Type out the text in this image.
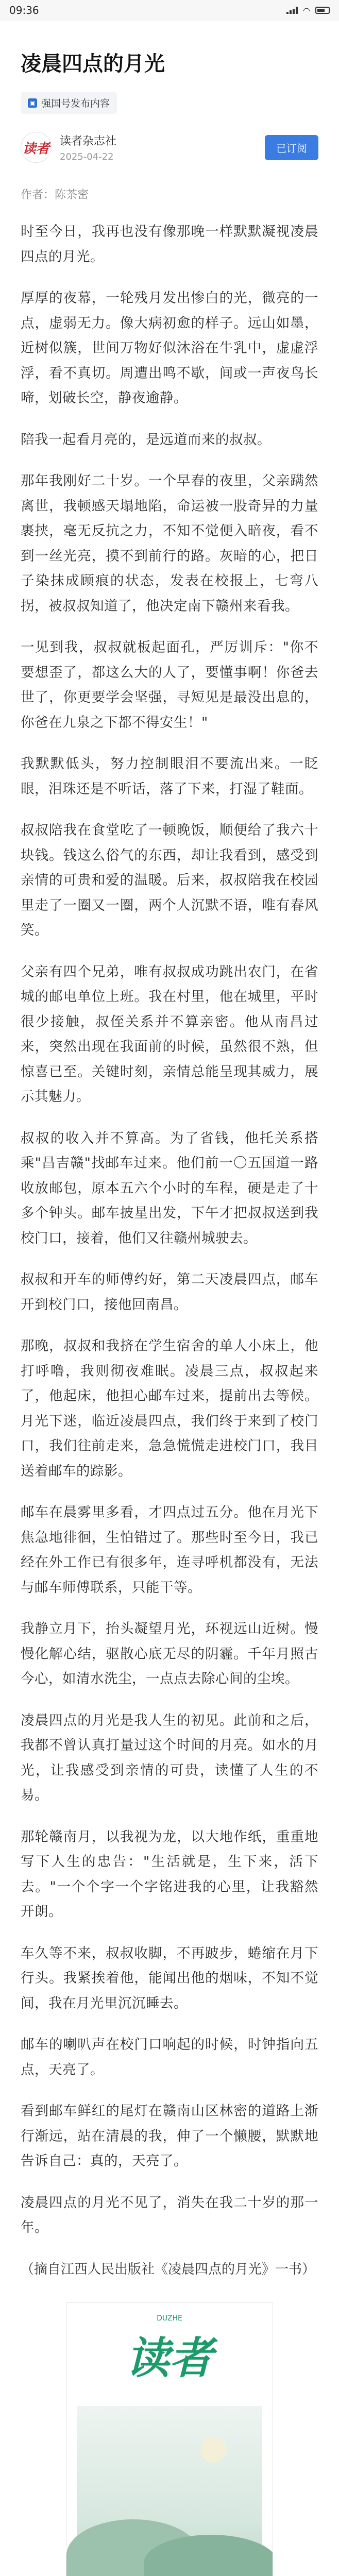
09:36	◠
凌晨四点的月光
▣ 强国号发布内容
读者 读者杂志社
2025-04-22
已订阅
作者：陈茶密

时至今日，我再也没有像那晚一样默默凝视凌晨四点的月光。

厚厚的夜幕，一轮残月发出惨白的光，微亮的一点，虚弱无力。像大病初愈的样子。远山如墨，近树似簇，世间万物好似沐浴在牛乳中，虚虚浮浮，看不真切。周遭出鸣不歇，间或一声夜鸟长啼，划破长空，静夜逾静。

陪我一起看月亮的，是远道而来的叔叔。

那年我刚好二十岁。一个早春的夜里，父亲蹒然离世，我顿感天塌地陷，命运被一股奇异的力量裹挟，毫无反抗之力，不知不觉便入暗夜，看不到一丝光亮，摸不到前行的路。灰暗的心，把日子染抹成顾痕的状态，发表在校报上，七弯八拐，被叔叔知道了，他决定南下赣州来看我。

一见到我，叔叔就板起面孔，严厉训斥："你不要想歪了，都这么大的人了，要懂事啊！你爸去世了，你更要学会坚强，寻短见是最没出息的，你爸在九泉之下都不得安生！"

我默默低头，努力控制眼泪不要流出来。一眨眼，泪珠还是不听话，落了下来，打湿了鞋面。

叔叔陪我在食堂吃了一顿晚饭，顺便给了我六十块钱。钱这么俗气的东西，却让我看到，感受到亲情的可贵和爱的温暖。后来，叔叔陪我在校园里走了一圈又一圈，两个人沉默不语，唯有春风笑。

父亲有四个兄弟，唯有叔叔成功跳出农门，在省城的邮电单位上班。我在村里，他在城里，平时很少接触，叔侄关系并不算亲密。他从南昌过来，突然出现在我面前的时候，虽然很不熟，但惊喜已至。关键时刻，亲情总能呈现其威力，展示其魅力。

叔叔的收入并不算高。为了省钱，他托关系搭乘"昌吉赣"找邮车过来。他们前一〇五国道一路收放邮包，原本五六个小时的车程，硬是走了十多个钟头。邮车披星出发，下午才把叔叔送到我校门口，接着，他们又往赣州城驶去。

叔叔和开车的师傅约好，第二天凌晨四点，邮车开到校门口，接他回南昌。

那晚，叔叔和我挤在学生宿舍的单人小床上，他打呼噜，我则彻夜难眠。凌晨三点，叔叔起来了，他起床，他担心邮车过来，提前出去等候。月光下迷，临近凌晨四点，我们终于来到了校门口，我们往前走来，急急慌慌走进校门口，我目送着邮车的踪影。

邮车在晨雾里多看，才四点过五分。他在月光下焦急地徘徊，生怕错过了。那些时至今日，我已经在外工作已有很多年，连寻呼机都没有，无法与邮车师傅联系，只能干等。

我静立月下，抬头凝望月光，环视远山近树。慢慢化解心结，驱散心底无尽的阴霾。千年月照古今心，如清水洗尘，一点点去除心间的尘埃。

凌晨四点的月光是我人生的初见。此前和之后，我都不曾认真打量过这个时间的月亮。如水的月光，让我感受到亲情的可贵，读懂了人生的不易。

那轮赣南月，以我视为龙，以大地作纸，重重地写下人生的忠告："生活就是，生下来，活下去。"一个个字一个字铭进我的心里，让我豁然开朗。

车久等不来，叔叔收脚，不再跛步，蜷缩在月下行头。我紧挨着他，能闻出他的烟味，不知不觉间，我在月光里沉沉睡去。

邮车的喇叭声在校门口响起的时候，时钟指向五点，天亮了。

看到邮车鲜红的尾灯在赣南山区林密的道路上渐行渐远，站在清晨的我，伸了一个懒腰，默默地告诉自己：真的，天亮了。

凌晨四点的月光不见了，消失在我二十岁的那一年。

（摘自江西人民出版社《凌晨四点的月光》一书）
DUZHE
读者
